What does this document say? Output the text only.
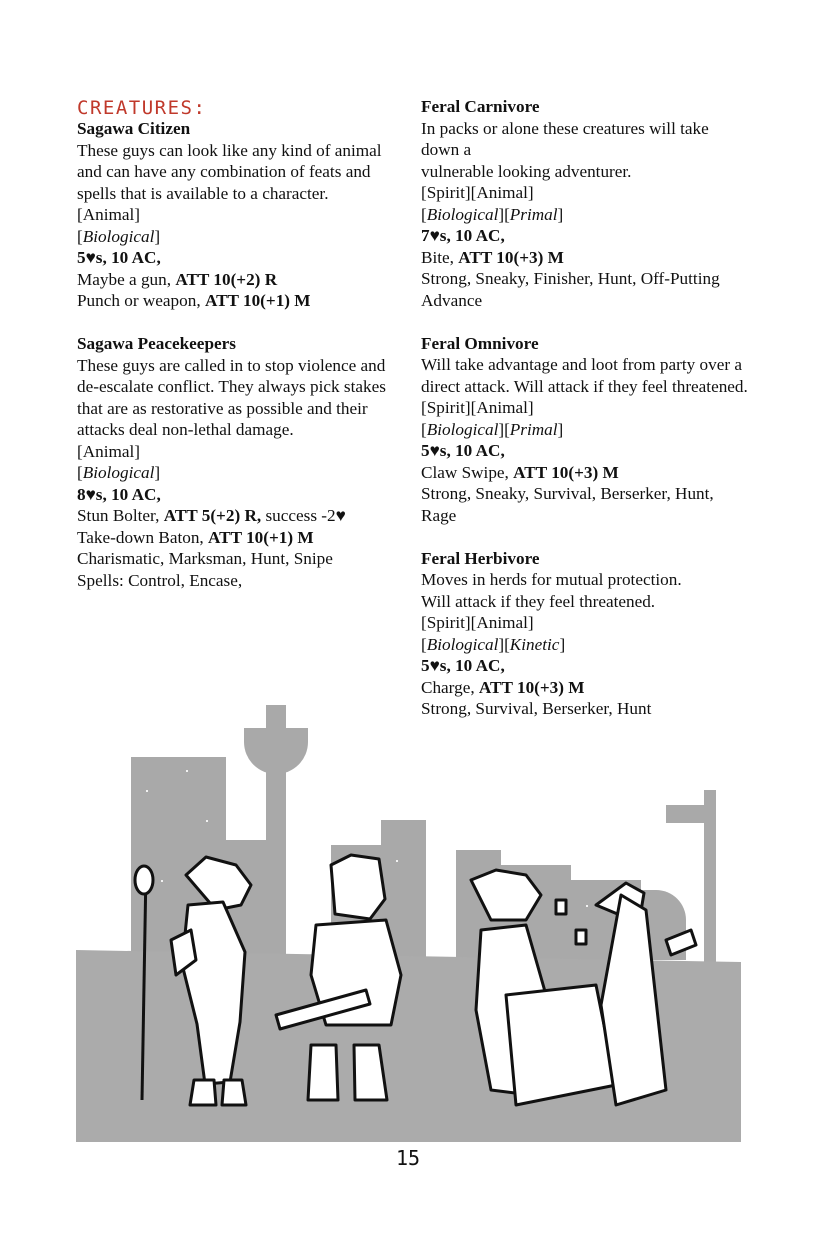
CREATURES:
Sagawa Citizen
These guys can look like any kind of animal and can have any combination of feats and spells that is available to a character.
[Animal]
[Biological]
5♥s, 10 AC,
Maybe a gun, ATT 10(+2) R
Punch or weapon, ATT 10(+1) M
Sagawa Peacekeepers
These guys are called in to stop violence and de-escalate conflict. They always pick stakes that are as restorative as possible and their attacks deal non-lethal damage.
[Animal]
[Biological]
8♥s, 10 AC,
Stun Bolter, ATT 5(+2) R, success -2♥
Take-down Baton, ATT 10(+1) M
Charismatic, Marksman, Hunt, Snipe
Spells: Control, Encase,
Feral Carnivore
In packs or alone these creatures will take down a
vulnerable looking adventurer.
[Spirit][Animal]
[Biological][Primal]
7♥s, 10 AC,
Bite, ATT 10(+3) M
Strong, Sneaky, Finisher, Hunt, Off-Putting Advance
Feral Omnivore
Will take advantage and loot from party over a direct attack. Will attack if they feel threatened.
[Spirit][Animal]
[Biological][Primal]
5♥s, 10 AC,
Claw Swipe, ATT 10(+3) M
Strong, Sneaky, Survival, Berserker, Hunt, Rage
Feral Herbivore
Moves in herds for mutual protection.
Will attack if they feel threatened.
[Spirit][Animal]
[Biological][Kinetic]
5♥s, 10 AC,
Charge, ATT 10(+3) M
Strong, Survival, Berserker, Hunt
15
